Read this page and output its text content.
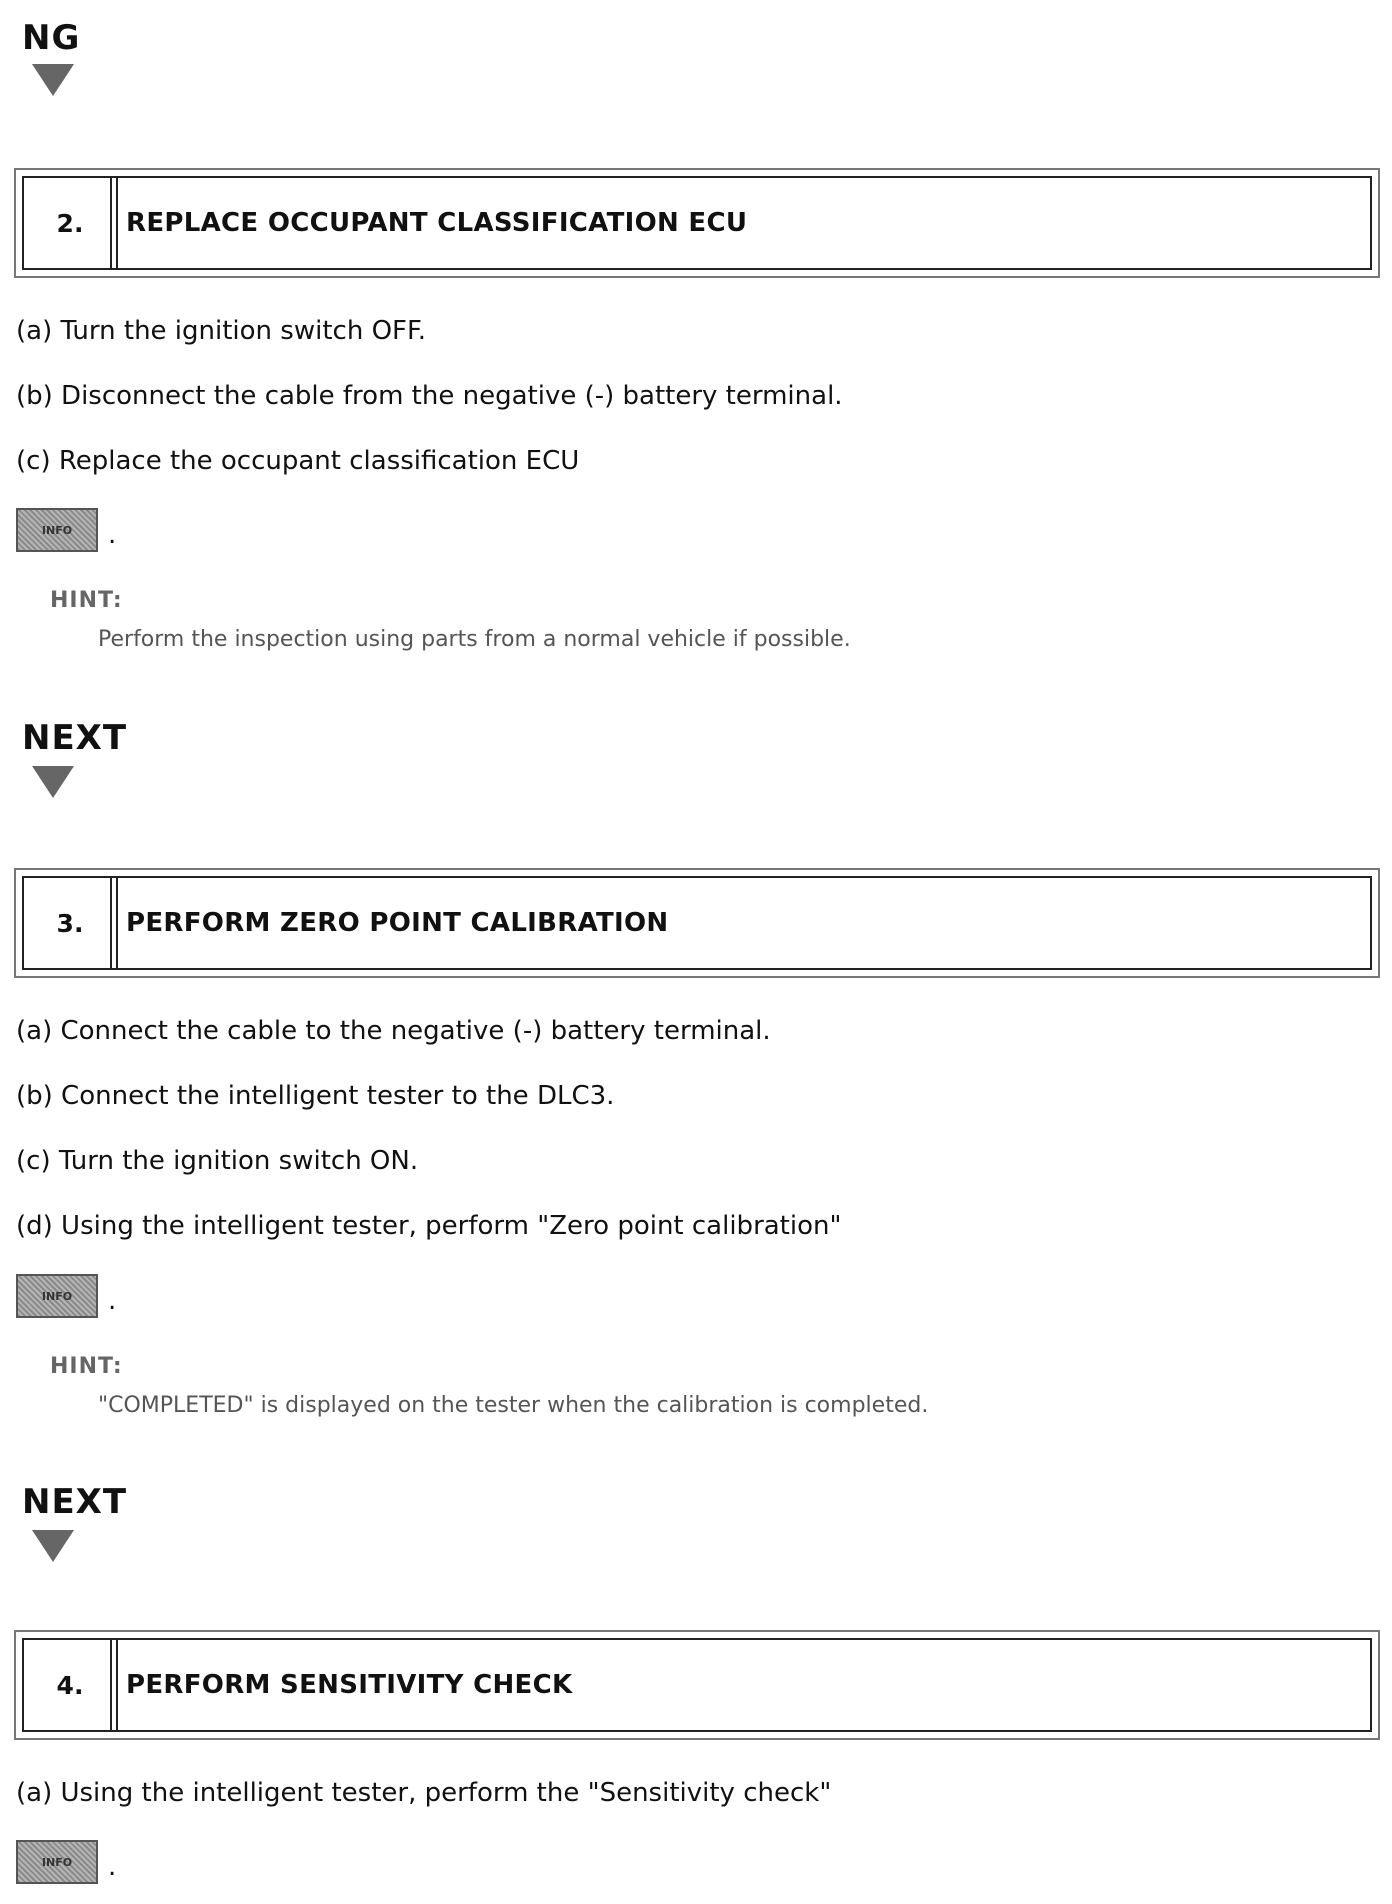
NG
2.	REPLACE OCCUPANT CLASSIFICATION ECU
(a) Turn the ignition switch OFF.
(b) Disconnect the cable from the negative (-) battery terminal.
(c) Replace the occupant classification ECU
INFO	.
HINT:
Perform the inspection using parts from a normal vehicle if possible.
NEXT
3.	PERFORM ZERO POINT CALIBRATION
(a) Connect the cable to the negative (-) battery terminal.
(b) Connect the intelligent tester to the DLC3.
(c) Turn the ignition switch ON.
(d) Using the intelligent tester, perform "Zero point calibration"
INFO	.
HINT:
"COMPLETED" is displayed on the tester when the calibration is completed.
NEXT
4.	PERFORM SENSITIVITY CHECK
(a) Using the intelligent tester, perform the "Sensitivity check"
INFO	.
